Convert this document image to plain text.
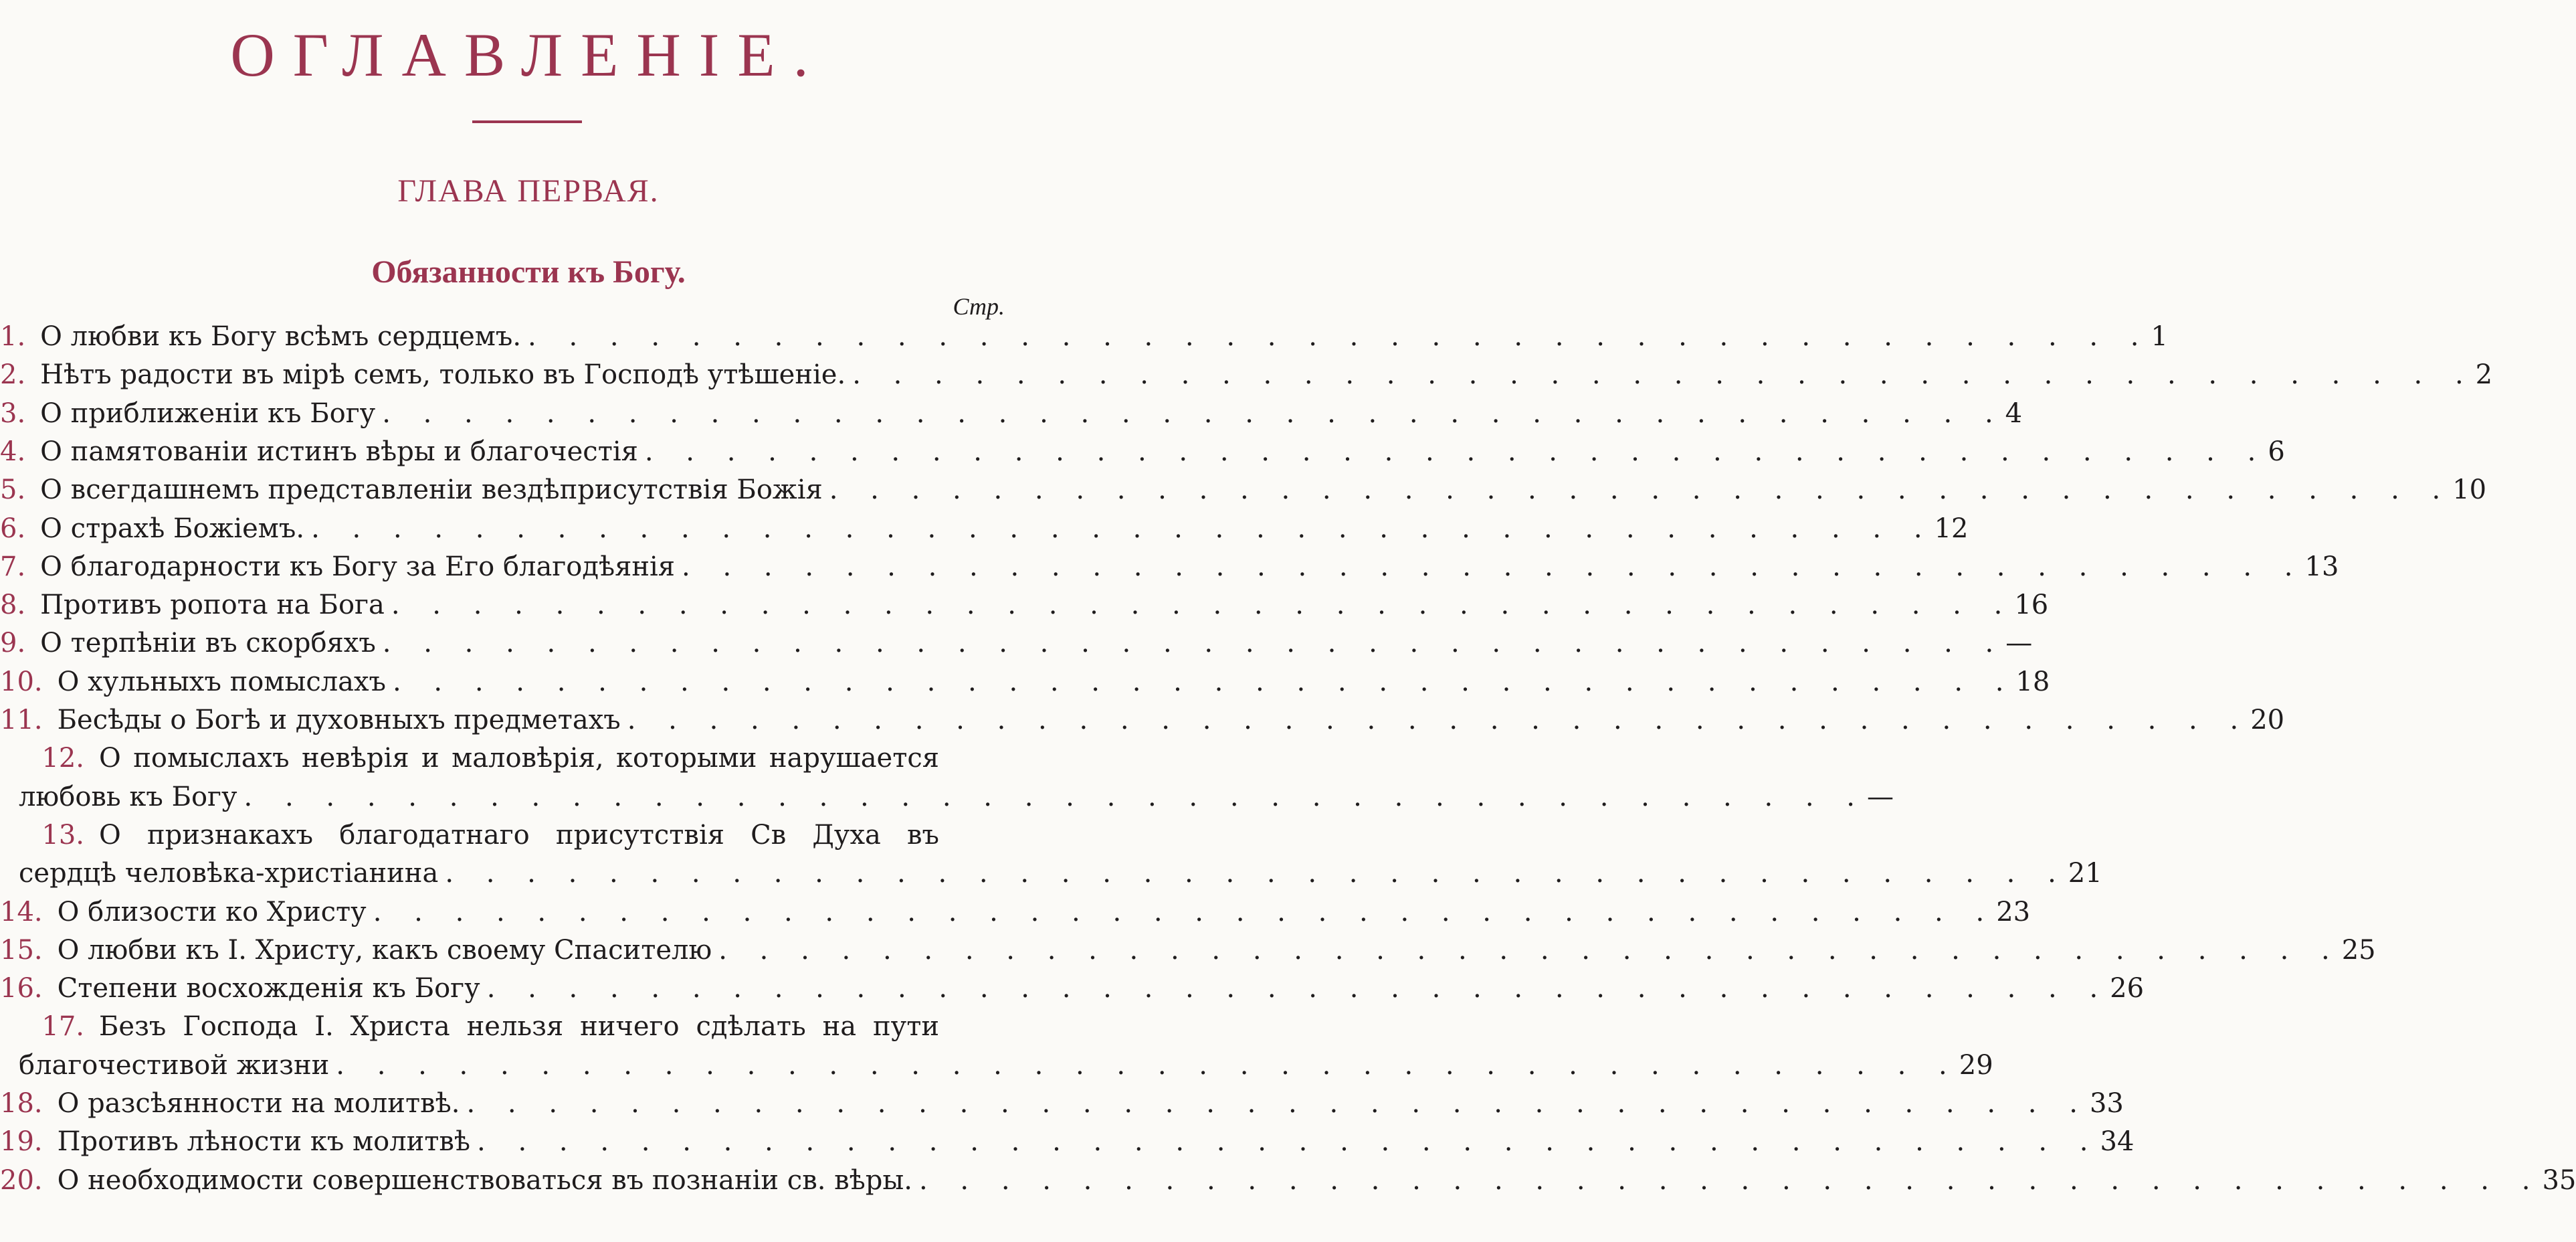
ОГЛАВЛЕНІЕ.
ГЛАВА ПЕРВАЯ.
Обязанности къ Богу.
Стр.
1. О любви къ Богу всѣмъ сердцемъ. . . . . . . . . . . . . . . . . . . . . . . . . . . . . . . . . . . . . . . . . 1
2. Нѣтъ радости въ мірѣ семъ, только въ Господѣ утѣшеніе. . . . . . . . . . . . . . . . . . . . . . . . . . . . . . . . . . . . . . . . . 2
3. О приближеніи къ Богу . . . . . . . . . . . . . . . . . . . . . . . . . . . . . . . . . . . . . . . . 4
4. О памятованіи истинъ вѣры и благочестія . . . . . . . . . . . . . . . . . . . . . . . . . . . . . . . . . . . . . . . . 6
5. О всегдашнемъ представленіи вездѣприсутствія Божія . . . . . . . . . . . . . . . . . . . . . . . . . . . . . . . . . . . . . . . . 10
6. О страхѣ Божіемъ. . . . . . . . . . . . . . . . . . . . . . . . . . . . . . . . . . . . . . . . . 12
7. О благодарности къ Богу за Его благодѣянія . . . . . . . . . . . . . . . . . . . . . . . . . . . . . . . . . . . . . . . . 13
8. Противъ ропота на Бога . . . . . . . . . . . . . . . . . . . . . . . . . . . . . . . . . . . . . . . . 16
9. О терпѣніи въ скорбяхъ . . . . . . . . . . . . . . . . . . . . . . . . . . . . . . . . . . . . . . . . —
10. О хульныхъ помыслахъ . . . . . . . . . . . . . . . . . . . . . . . . . . . . . . . . . . . . . . . . 18
11. Бесѣды о Богѣ и духовныхъ предметахъ . . . . . . . . . . . . . . . . . . . . . . . . . . . . . . . . . . . . . . . . 20
12. О помыслахъ невѣрія и маловѣрія, которыми нарушается
любовь къ Богу . . . . . . . . . . . . . . . . . . . . . . . . . . . . . . . . . . . . . . . . —
13. О признакахъ благодатнаго присутствія Св Духа въ
сердцѣ человѣка-христіанина . . . . . . . . . . . . . . . . . . . . . . . . . . . . . . . . . . . . . . . . 21
14. О близости ко Христу . . . . . . . . . . . . . . . . . . . . . . . . . . . . . . . . . . . . . . . . 23
15. О любви къ І. Христу, какъ своему Спасителю . . . . . . . . . . . . . . . . . . . . . . . . . . . . . . . . . . . . . . . . 25
16. Степени восхожденія къ Богу . . . . . . . . . . . . . . . . . . . . . . . . . . . . . . . . . . . . . . . . 26
17. Безъ Господа І. Христа нельзя ничего сдѣлать на пути
благочестивой жизни . . . . . . . . . . . . . . . . . . . . . . . . . . . . . . . . . . . . . . . . 29
18. О разсѣянности на молитвѣ. . . . . . . . . . . . . . . . . . . . . . . . . . . . . . . . . . . . . . . . . 33
19. Противъ лѣности къ молитвѣ . . . . . . . . . . . . . . . . . . . . . . . . . . . . . . . . . . . . . . . . 34
20. О необходимости совершенствоваться въ познаніи св. вѣры. . . . . . . . . . . . . . . . . . . . . . . . . . . . . . . . . . . . . . . . . 35
